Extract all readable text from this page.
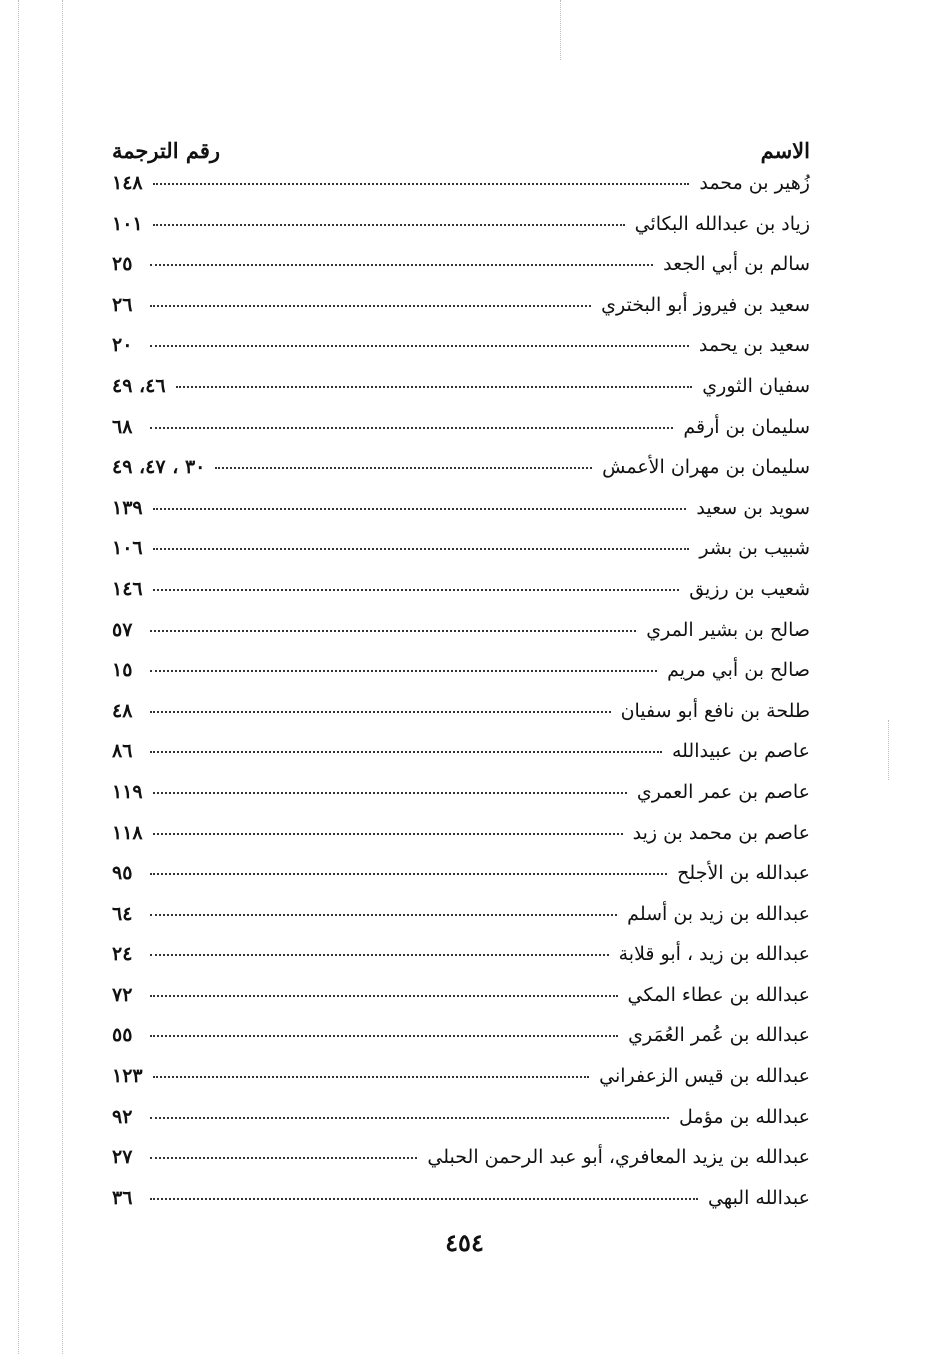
الاسم
رقم الترجمة
زُهير بن محمد
١٤٨
زياد بن عبدالله البكائي
١٠١
سالم بن أبي الجعد
٢٥
سعيد بن فيروز أبو البختري
٢٦
سعيد بن يحمد
٢٠
سفيان الثوري
٤٦، ٤٩
سليمان بن أرقم
٦٨
سليمان بن مهران الأعمش
٣٠ ، ٤٧، ٤٩
سويد بن سعيد
١٣٩
شبيب بن بشر
١٠٦
شعيب بن رزيق
١٤٦
صالح بن بشير المري
٥٧
صالح بن أبي مريم
١٥
طلحة بن نافع أبو سفيان
٤٨
عاصم بن عبيدالله
٨٦
عاصم بن عمر العمري
١١٩
عاصم بن محمد بن زيد
١١٨
عبدالله بن الأجلح
٩٥
عبدالله بن زيد بن أسلم
٦٤
عبدالله بن زيد ، أبو قلابة
٢٤
عبدالله بن عطاء المكي
٧٢
عبدالله بن عُمر العُمَري
٥٥
عبدالله بن قيس الزعفراني
١٢٣
عبدالله بن مؤمل
٩٢
عبدالله بن يزيد المعافري، أبو عبد الرحمن الحبلي
٢٧
عبدالله البهي
٣٦
٤٥٤
